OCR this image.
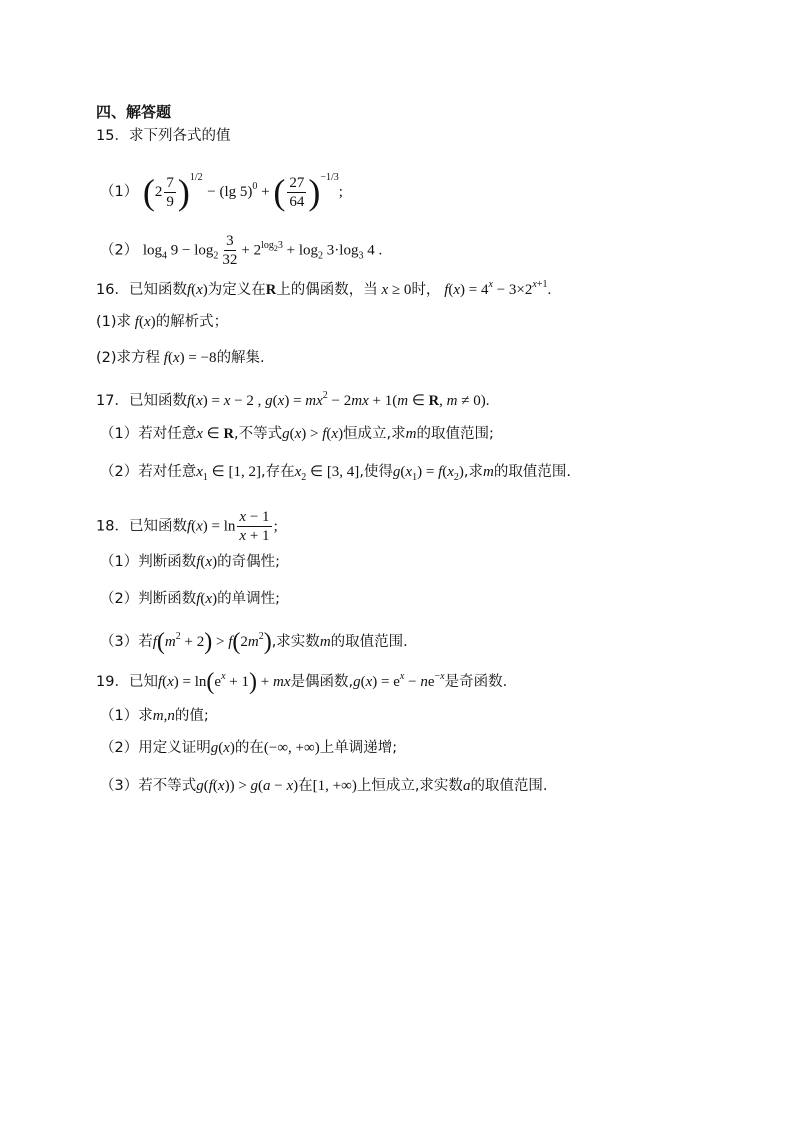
四、解答题
15．求下列各式的值
（1） $(2 \frac{7}{9} )^{1/2} - (\lg$ 5)$^0$ + ( $\frac{27}{64} )^{-1/3}$;
（2） $\log_4 9 - \log_2 \frac{3}{32} + 2^{log_23} + \log_2 3\cdot\log_3$ 4 .
16．已知函数f(x)为定义在R上的偶函数，当 x ≥ 0时， $f(x) = 4^x - 3\times 2^{x+1}$.
(1)求 f(x)的解析式；
(2)求方程 f(x) = −8的解集.
17．已知函数f(x) = x − 2 , $g(x) = mx^2 - 2mx + 1(m$ ∈ R, m ≠ 0).
（1）若对任意x ∈ R,不等式g(x) > f(x)恒成立,求m的取值范围;
（2）若对任意$x_1$ ∈ [1, 2],存在$x_2$ ∈ [3, 4],使得$g(x_1) = f(x_2)$,求m的取值范围.
18．已知函数$f(x) = \ln \frac{x - 1}{x + 1}$ ;
（1）判断函数f(x)的奇偶性;
（2）判断函数f(x)的单调性;
（3）若$f(m^2 + 2) > f(2m^2)$,求实数m的取值范围.
19．已知$f(x) = \ln(e^x + 1)$ + mx是偶函数$,g(x) = e^x - ne^{-x}$是奇函数.
（1）求m,n的值;
（2）用定义证明g(x)的在(−∞, +∞)上单调递增;
（3）若不等式g(f(x)) > g(a − x)在[1, +∞)上恒成立,求实数a的取值范围.
